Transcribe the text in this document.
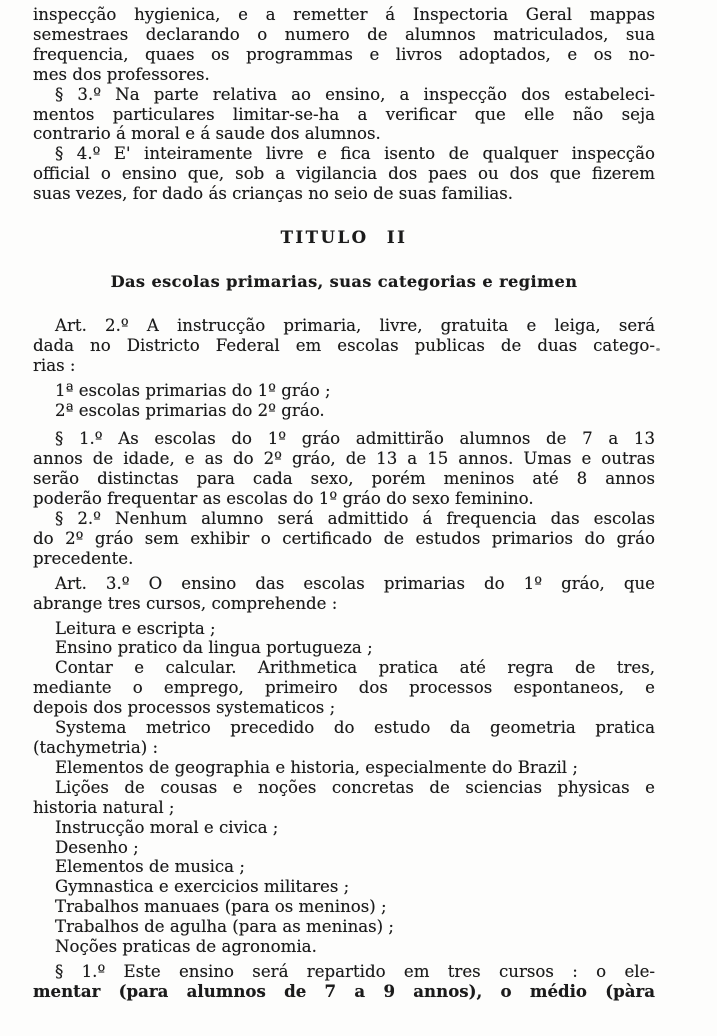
inspecção hygienica, e a remetter á Inspectoria Geral mappas
semestraes declarando o numero de alumnos matriculados, sua
frequencia, quaes os programmas e livros adoptados, e os no-
mes dos professores.
§ 3.º Na parte relativa ao ensino, a inspecção dos estabeleci-
mentos particulares limitar-se-ha a verificar que elle não seja
contrario á moral e á saude dos alumnos.
§ 4.º E' inteiramente livre e fica isento de qualquer inspecção
official o ensino que, sob a vigilancia dos paes ou dos que fizerem
suas vezes, for dado ás crianças no seio de suas familias.
TITULO II
Das escolas primarias, suas categorias e regimen
Art. 2.º A instrucção primaria, livre, gratuita e leiga, será
dada no Districto Federal em escolas publicas de duas catego-
rias :
1ª escolas primarias do 1º gráo ;
2ª escolas primarias do 2º gráo.
§ 1.º As escolas do 1º gráo admittirão alumnos de 7 a 13
annos de idade, e as do 2º gráo, de 13 a 15 annos. Umas e outras
serão distinctas para cada sexo, porém meninos até 8 annos
poderão frequentar as escolas do 1º gráo do sexo feminino.
§ 2.º Nenhum alumno será admittido á frequencia das escolas
do 2º gráo sem exhibir o certificado de estudos primarios do gráo
precedente.
Art. 3.º O ensino das escolas primarias do 1º gráo, que
abrange tres cursos, comprehende :
Leitura e escripta ;
Ensino pratico da lingua portugueza ;
Contar e calcular. Arithmetica pratica até regra de tres,
mediante o emprego, primeiro dos processos espontaneos, e
depois dos processos systematicos ;
Systema metrico precedido do estudo da geometria pratica
(tachymetria) :
Elementos de geographia e historia, especialmente do Brazil ;
Lições de cousas e noções concretas de sciencias physicas e
historia natural ;
Instrucção moral e civica ;
Desenho ;
Elementos de musica ;
Gymnastica e exercicios militares ;
Trabalhos manuaes (para os meninos) ;
Trabalhos de agulha (para as meninas) ;
Noções praticas de agronomia.
§ 1.º Este ensino será repartido em tres cursos : o ele-
mentar (para alumnos de 7 a 9 annos), o médio (pàra
